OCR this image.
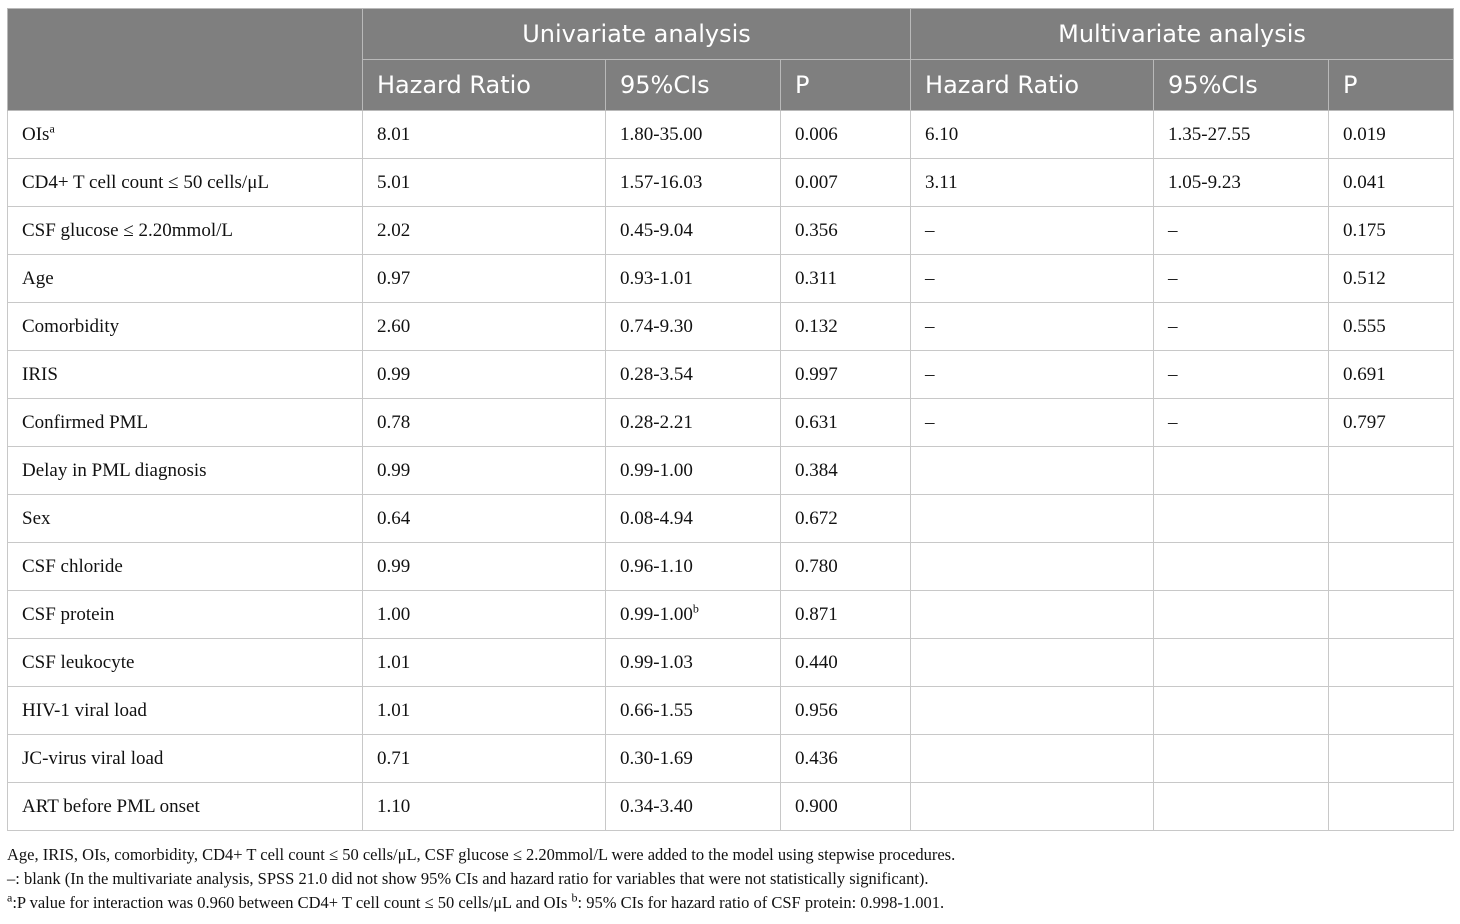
	Univariate analysis			Multivariate analysis		
	Hazard Ratio	95%CIs	P	Hazard Ratio	95%CIs	P
OIs$^a$	8.01	1.80-35.00	0.006	6.10	1.35-27.55	0.019
CD4+ T cell count ≤ 50 cells/μL	5.01	1.57-16.03	0.007	3.11	1.05-9.23	0.041
CSF glucose ≤ 2.20mmol/L	2.02	0.45-9.04	0.356	–	–	0.175
Age	0.97	0.93-1.01	0.311	–	–	0.512
Comorbidity	2.60	0.74-9.30	0.132	–	–	0.555
IRIS	0.99	0.28-3.54	0.997	–	–	0.691
Confirmed PML	0.78	0.28-2.21	0.631	–	–	0.797
Delay in PML diagnosis	0.99	0.99-1.00	0.384			
Sex	0.64	0.08-4.94	0.672			
CSF chloride	0.99	0.96-1.10	0.780			
CSF protein	1.00	0.99-1.00$^b$	0.871			
CSF leukocyte	1.01	0.99-1.03	0.440			
HIV-1 viral load	1.01	0.66-1.55	0.956			
JC-virus viral load	0.71	0.30-1.69	0.436			
ART before PML onset	1.10	0.34-3.40	0.900			

Age, IRIS, OIs, comorbidity, CD4+ T cell count ≤ 50 cells/μL, CSF glucose ≤ 2.20mmol/L were added to the model using stepwise procedures.

–: blank (In the multivariate analysis, SPSS 21.0 did not show 95% CIs and hazard ratio for variables that were not statistically significant).

$^a$:P value for interaction was 0.960 between CD4+ T cell count ≤ 50 cells/μL and OIs $^b$: 95% CIs for hazard ratio of CSF protein: 0.998-1.001.
